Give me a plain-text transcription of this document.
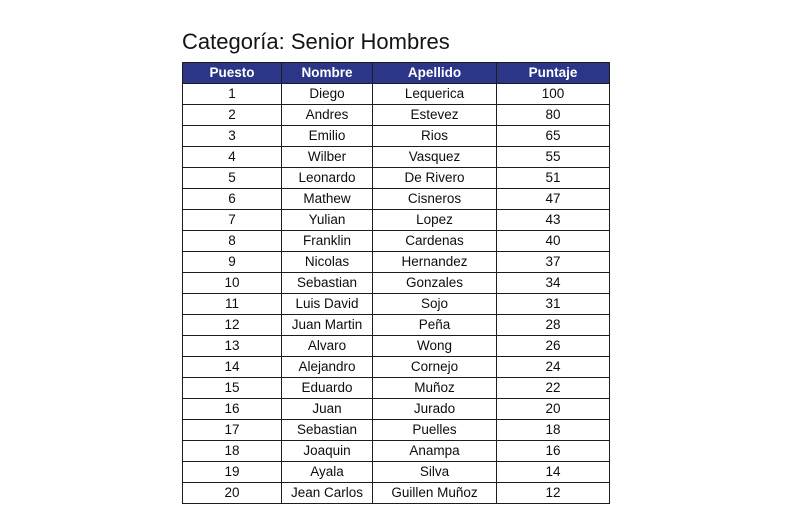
Categoría: Senior Hombres
Puesto	Nombre	Apellido	Puntaje
1	Diego	Lequerica	100
2	Andres	Estevez	80
3	Emilio	Rios	65
4	Wilber	Vasquez	55
5	Leonardo	De Rivero	51
6	Mathew	Cisneros	47
7	Yulian	Lopez	43
8	Franklin	Cardenas	40
9	Nicolas	Hernandez	37
10	Sebastian	Gonzales	34
11	Luis David	Sojo	31
12	Juan Martin	Peña	28
13	Alvaro	Wong	26
14	Alejandro	Cornejo	24
15	Eduardo	Muñoz	22
16	Juan	Jurado	20
17	Sebastian	Puelles	18
18	Joaquin	Anampa	16
19	Ayala	Silva	14
20	Jean Carlos	Guillen Muñoz	12
